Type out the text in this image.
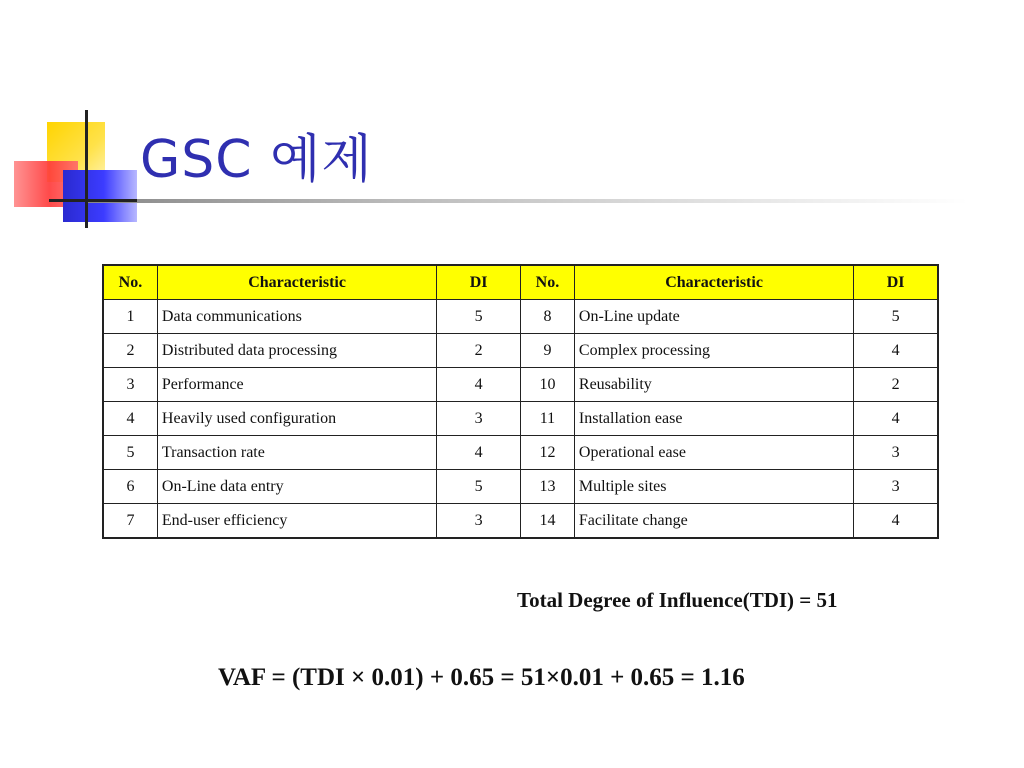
GSC 예제
No.	Characteristic	DI	No.	Characteristic	DI
1	Data communications	5	8	On-Line update	5
2	Distributed data processing	2	9	Complex processing	4
3	Performance	4	10	Reusability	2
4	Heavily used configuration	3	11	Installation ease	4
5	Transaction rate	4	12	Operational ease	3
6	On-Line data entry	5	13	Multiple sites	3
7	End-user efficiency	3	14	Facilitate change	4
Total Degree of Influence(TDI) = 51
VAF = (TDI × 0.01) + 0.65 = 51×0.01 + 0.65 = 1.16
